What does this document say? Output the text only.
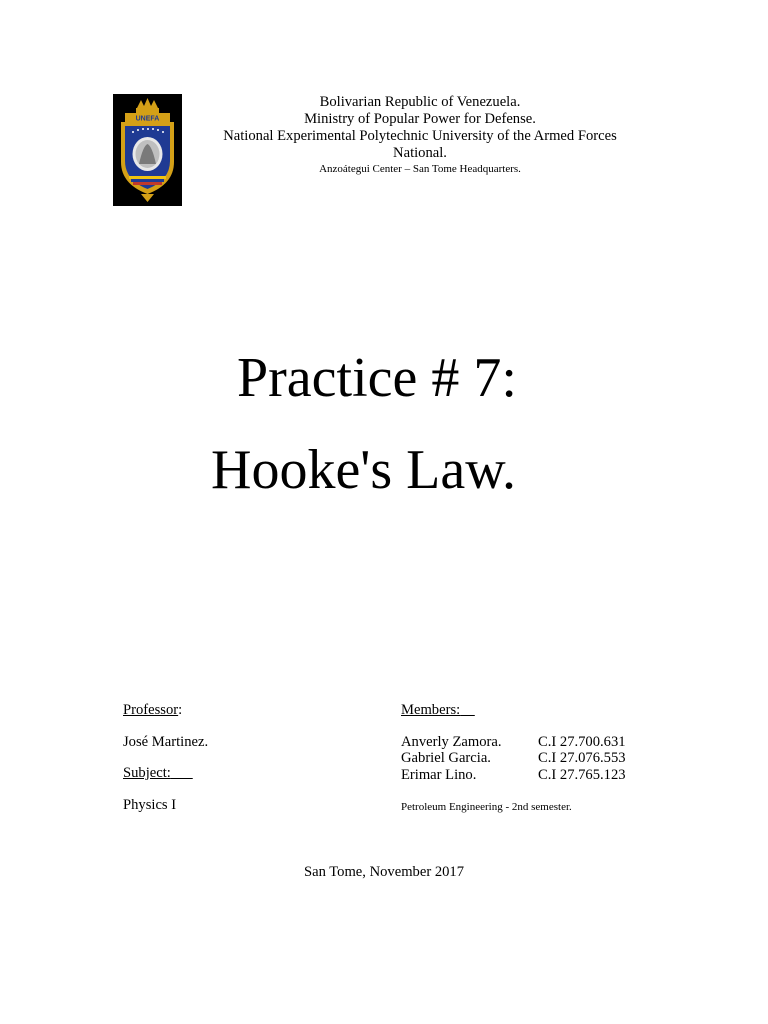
UNEFA
Bolivarian Republic of Venezuela.
Ministry of Popular Power for Defense.
National Experimental Polytechnic University of the Armed Forces
National.
Anzoátegui Center – San Tome Headquarters.
Practice # 7:
Hooke's Law.
Professor:
José Martinez.
Subject:
Physics I
Members:
Anverly Zamora.	C.I 27.700.631
Gabriel Garcia.	C.I 27.076.553
Erimar Lino.	C.I 27.765.123
Petroleum Engineering - 2nd semester.
San Tome, November 2017
